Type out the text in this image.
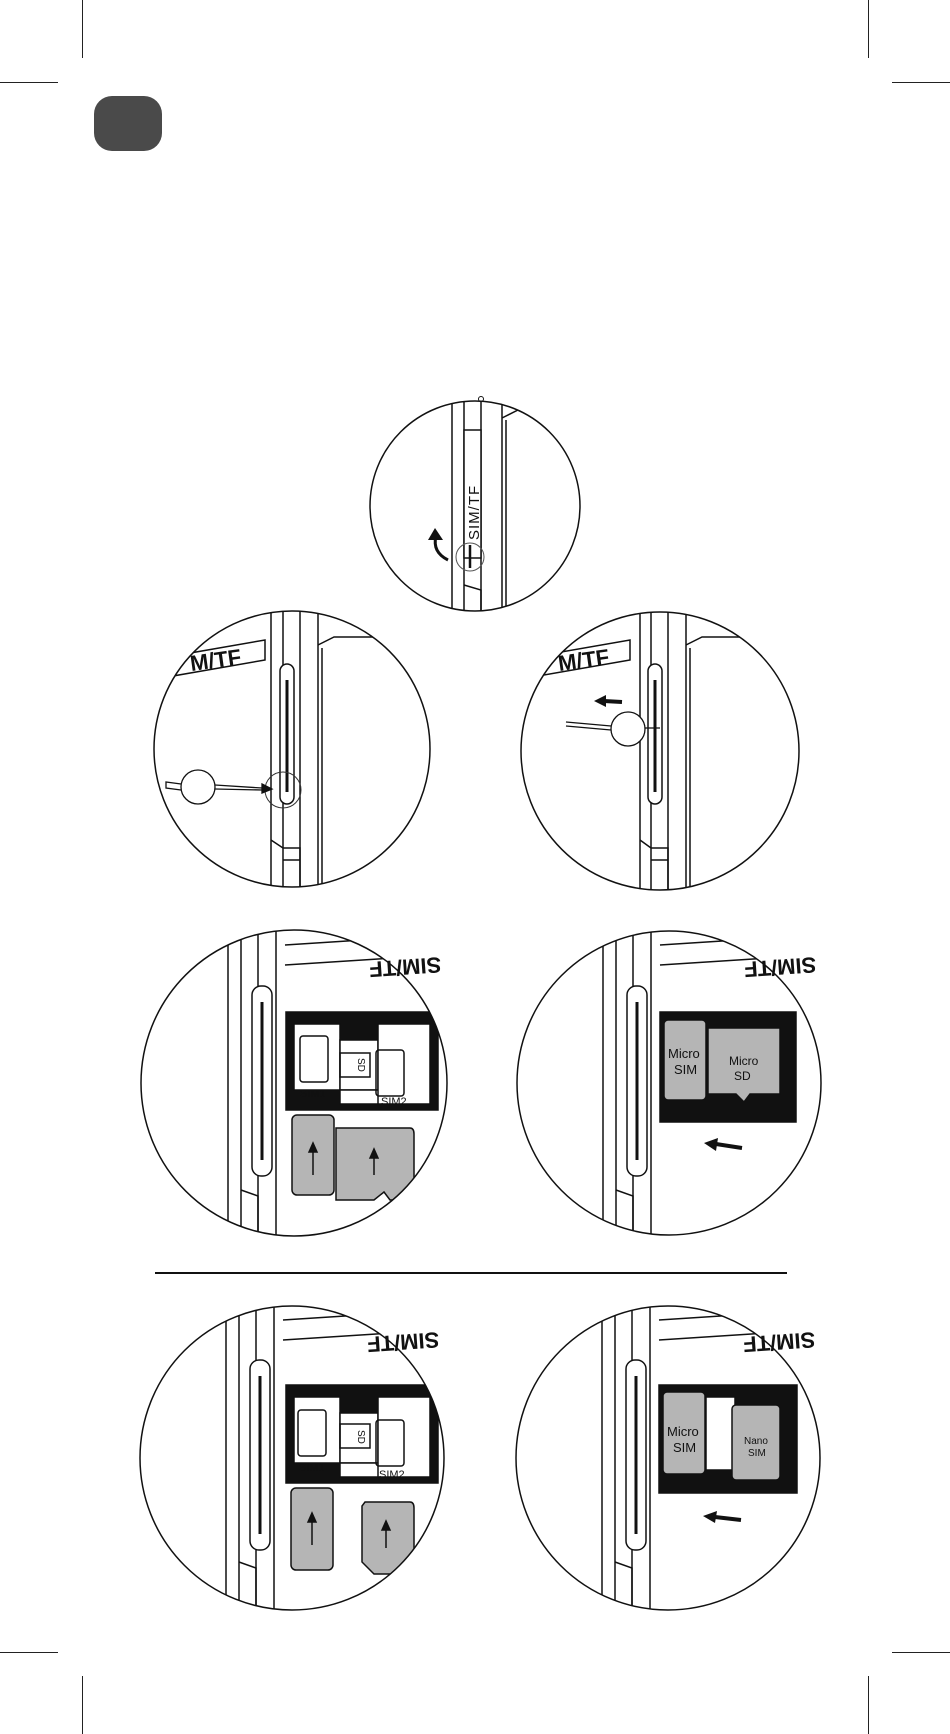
SIM/TF
M/TF	M/TF
SIM/TF
SIM1
SIM2
SD
SIM/TF
Micro
SIM
Micro
SD
SIM/TF
SIM1
SIM2
SD
SIM/TF
Micro
SIM	Nano
SIM
